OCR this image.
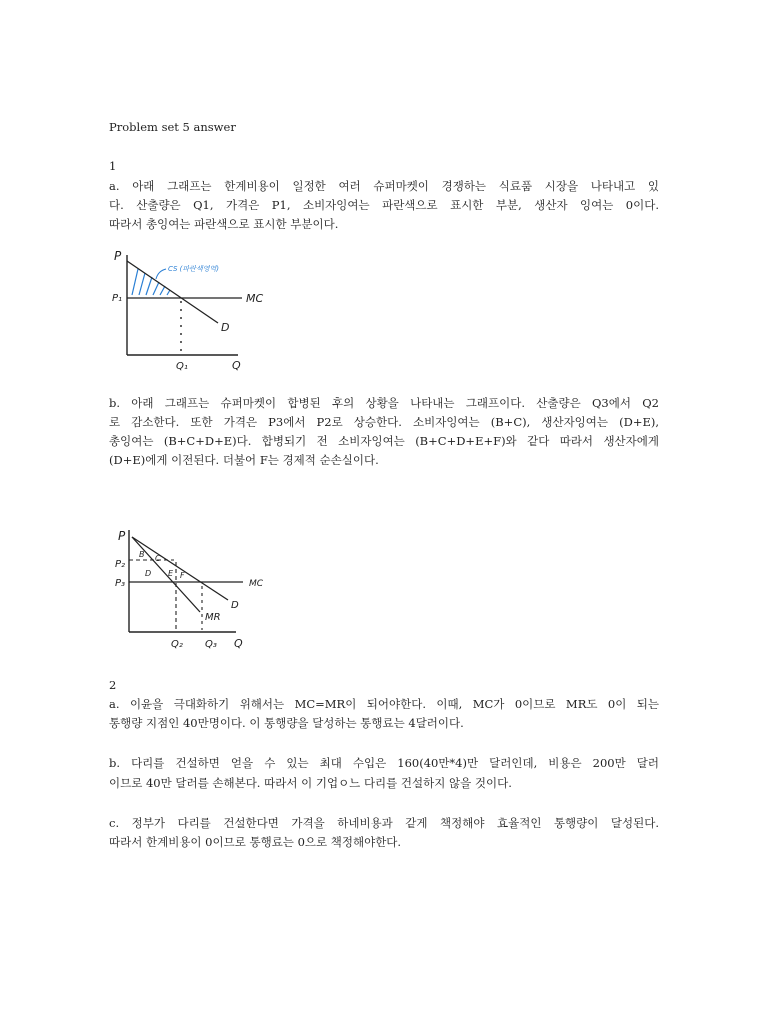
Problem set 5 answer
1
a. 아래 그래프는 한계비용이 일정한 여러 슈퍼마켓이 경쟁하는 식료품 시장을 나타내고 있
다. 산출량은 Q1, 가격은 P1, 소비자잉여는 파란색으로 표시한 부분, 생산자 잉여는 0이다.
따라서 총잉여는 파란색으로 표시한 부분이다.
P
P₁	MC
D
Q₁	Q
CS (파란색영역)
b. 아래 그래프는 슈퍼마켓이 합병된 후의 상황을 나타내는 그래프이다. 산출량은 Q3에서 Q2
로 감소한다. 또한 가격은 P3에서 P2로 상승한다. 소비자잉여는 (B+C), 생산자잉여는 (D+E),
총잉여는 (B+C+D+E)다. 합병되기 전 소비자잉여는 (B+C+D+E+F)와 같다 따라서 생산자에게
(D+E)에게 이전된다. 더불어 F는 경제적 순손실이다.
B C
D E F
P
P₂
P₃	MC
D
MR
Q₂ Q₃ Q
2
a. 이윤을 극대화하기 위해서는 MC=MR이 되어야한다. 이때, MC가 0이므로 MR도 0이 되는
통행량 지점인 40만명이다. 이 통행량을 달성하는 통행료는 4달러이다.
b. 다리를 건설하면 얻을 수 있는 최대 수입은 160(40만*4)만 달러인데, 비용은 200만 달러
이므로 40만 달러를 손해본다. 따라서 이 기업ㅇ느 다리를 건설하지 않을 것이다.
c. 정부가 다리를 건설한다면 가격을 하네비용과 같게 책정해야 효율적인 통행량이 달성된다.
따라서 한계비용이 0이므로 통행료는 0으로 책정해야한다.
